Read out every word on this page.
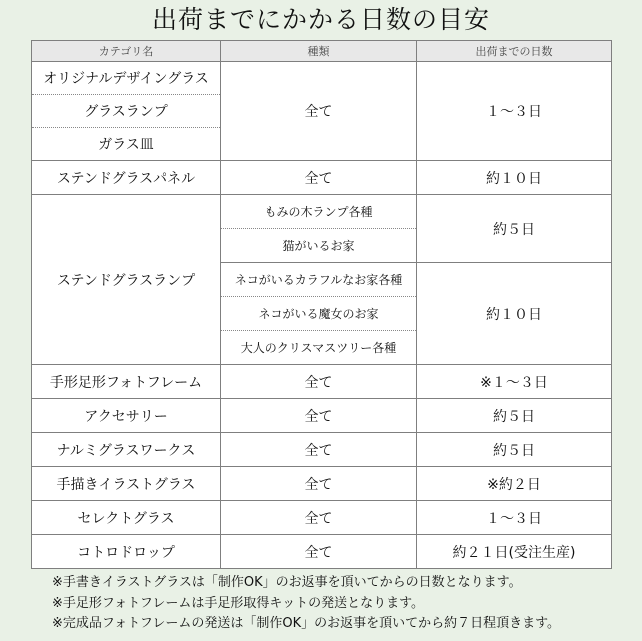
出荷までにかかる日数の目安
カテゴリ名	種類	出荷までの日数
オリジナルデザイングラス	全て	１～３日
グラスランプ		
ガラス皿		
ステンドグラスパネル	全て	約１０日
ステンドグラスランプ	もみの木ランプ各種	約５日
	猫がいるお家	
	ネコがいるカラフルなお家各種	約１０日
	ネコがいる魔女のお家	
	大人のクリスマスツリー各種	
手形足形フォトフレーム	全て	※１～３日
アクセサリー	全て	約５日
ナルミグラスワークス	全て	約５日
手描きイラストグラス	全て	※約２日
セレクトグラス	全て	１～３日
コトロドロップ	全て	約２１日(受注生産)
※手書きイラストグラスは「制作OK」のお返事を頂いてからの日数となります。
※手足形フォトフレームは手足形取得キットの発送となります。
※完成品フォトフレームの発送は「制作OK」のお返事を頂いてから約７日程頂きます。
